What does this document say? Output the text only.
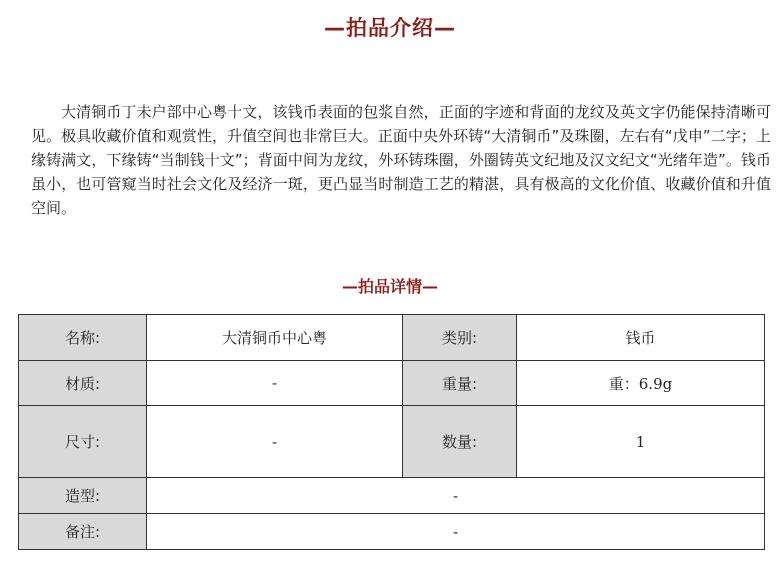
—拍品介绍—

大清铜币丁未户部中心粤十文，该钱币表面的包浆自然，正面的字迹和背面的龙纹及英文字仍能保持清晰可见。极具收藏价值和观赏性，升值空间也非常巨大。正面中央外环铸“大清铜币”及珠圈，左右有“戊申”二字；上缘铸满文，下缘铸“当制钱十文”；背面中间为龙纹，外环铸珠圈，外圈铸英文纪地及汉文纪文“光绪年造”。钱币虽小，也可管窥当时社会文化及经济一斑，更凸显当时制造工艺的精湛，具有极高的文化价值、收藏价值和升值空间。

—拍品详情—
名称:	大清铜币中心粤	类别:	钱币
材质:	-	重量:	重：6.9g
尺寸:	-	数量:	1
造型:	-		
备注:	-		
